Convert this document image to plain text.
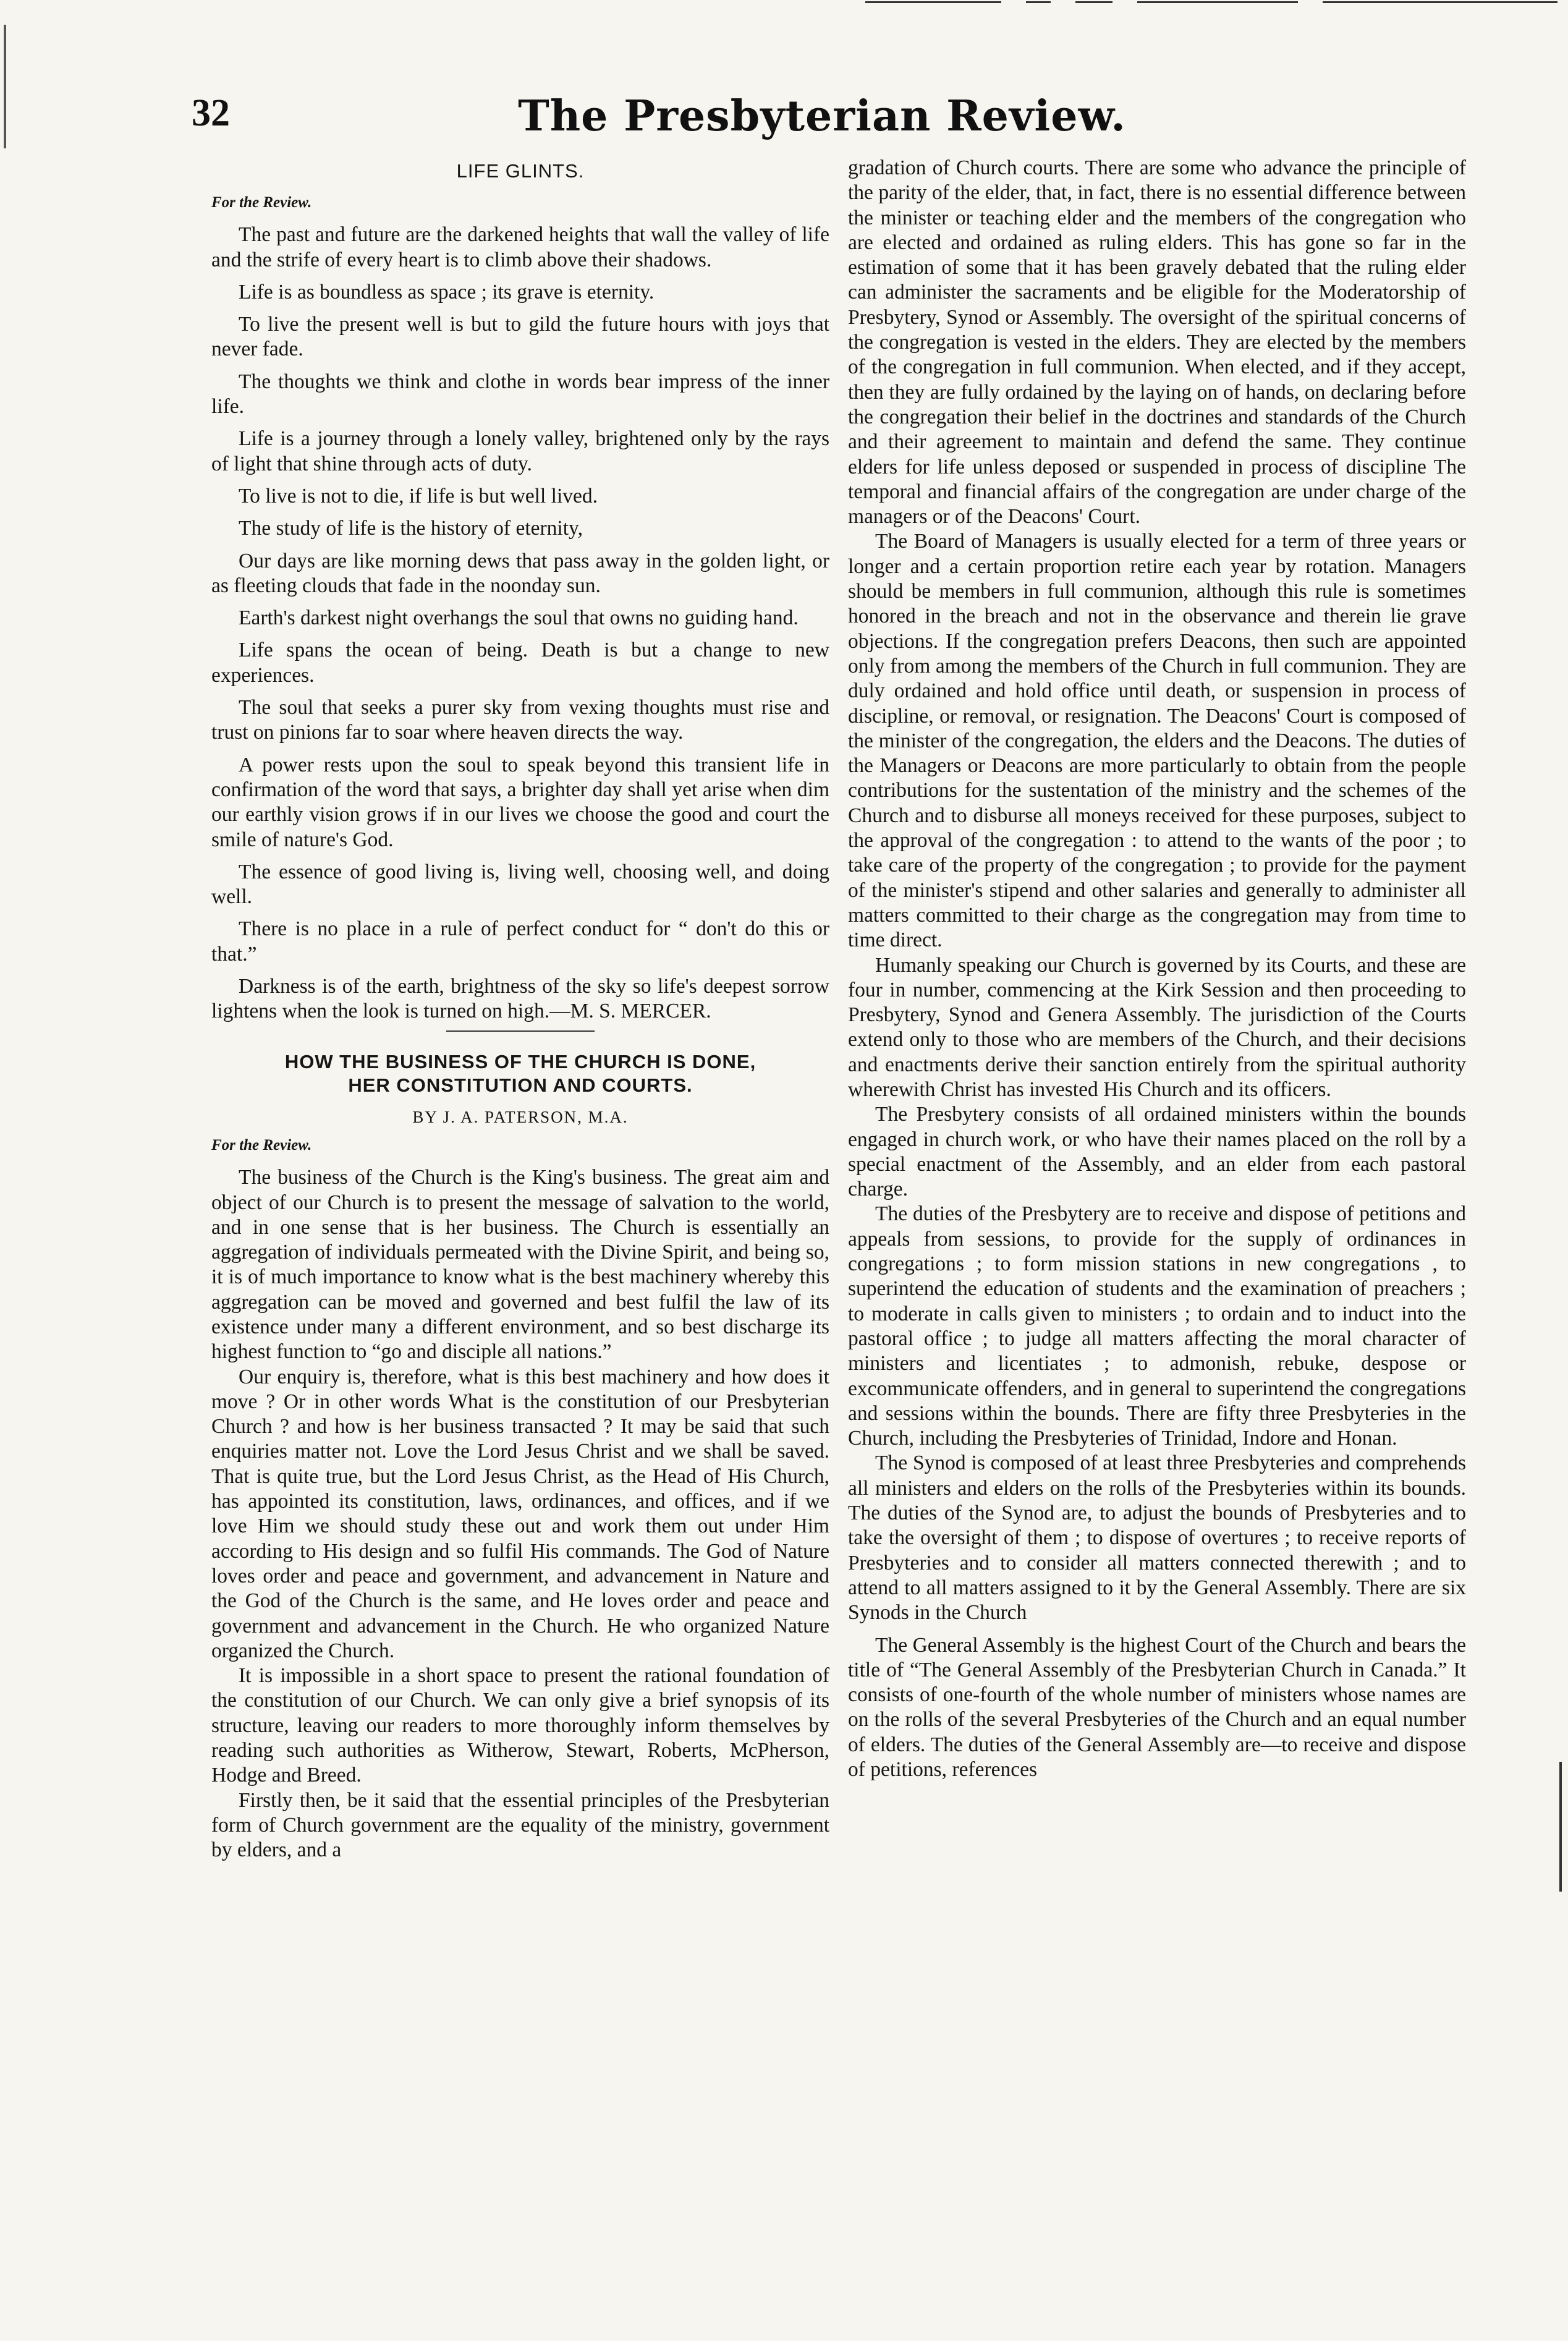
32	The Presbyterian Review.
LIFE GLINTS.
For the Review.

The past and future are the darkened heights that wall the valley of life and the strife of every heart is to climb above their shadows.

Life is as boundless as space ; its grave is eternity.

To live the present well is but to gild the future hours with joys that never fade.

The thoughts we think and clothe in words bear impress of the inner life.

Life is a journey through a lonely valley, brightened only by the rays of light that shine through acts of duty.

To live is not to die, if life is but well lived.

The study of life is the history of eternity,

Our days are like morning dews that pass away in the golden light, or as fleeting clouds that fade in the noonday sun.

Earth's darkest night overhangs the soul that owns no guiding hand.

Life spans the ocean of being. Death is but a change to new experiences.

The soul that seeks a purer sky from vexing thoughts must rise and trust on pinions far to soar where heaven directs the way.

A power rests upon the soul to speak beyond this transient life in confirmation of the word that says, a brighter day shall yet arise when dim our earthly vision grows if in our lives we choose the good and court the smile of nature's God.

The essence of good living is, living well, choosing well, and doing well.

There is no place in a rule of perfect conduct for “ don't do this or that.”

Darkness is of the earth, brightness of the sky so life's deepest sorrow lightens when the look is turned on high.—M. S. MERCER.

HOW THE BUSINESS OF THE CHURCH IS DONE,
HER CONSTITUTION AND COURTS.
BY J. A. PATERSON, M.A.
For the Review.

The business of the Church is the King's business. The great aim and object of our Church is to present the message of salvation to the world, and in one sense that is her business. The Church is essentially an aggregation of individuals permeated with the Divine Spirit, and being so, it is of much importance to know what is the best machinery whereby this aggregation can be moved and governed and best fulfil the law of its existence under many a different environment, and so best discharge its highest function to “go and disciple all nations.”

Our enquiry is, therefore, what is this best machinery and how does it move ? Or in other words What is the constitution of our Presbyterian Church ? and how is her business transacted ? It may be said that such enquiries matter not. Love the Lord Jesus Christ and we shall be saved. That is quite true, but the Lord Jesus Christ, as the Head of His Church, has appointed its constitution, laws, ordinances, and offices, and if we love Him we should study these out and work them out under Him according to His design and so fulfil His commands. The God of Nature loves order and peace and government, and advancement in Nature and the God of the Church is the same, and He loves order and peace and government and advancement in the Church. He who organized Nature organized the Church.

It is impossible in a short space to present the rational foundation of the constitution of our Church. We can only give a brief synopsis of its structure, leaving our readers to more thoroughly inform themselves by reading such authorities as Witherow, Stewart, Roberts, McPherson, Hodge and Breed.

Firstly then, be it said that the essential principles of the Presbyterian form of Church government are the equality of the ministry, government by elders, and a

gradation of Church courts. There are some who advance the principle of the parity of the elder, that, in fact, there is no essential difference between the minister or teaching elder and the members of the congregation who are elected and ordained as ruling elders. This has gone so far in the estimation of some that it has been gravely debated that the ruling elder can administer the sacraments and be eligible for the Moderatorship of Presbytery, Synod or Assembly. The oversight of the spiritual concerns of the congregation is vested in the elders. They are elected by the members of the congregation in full communion. When elected, and if they accept, then they are fully ordained by the laying on of hands, on declaring before the congregation their belief in the doctrines and standards of the Church and their agreement to maintain and defend the same. They continue elders for life unless deposed or suspended in process of discipline The temporal and financial affairs of the congregation are under charge of the managers or of the Deacons' Court.

The Board of Managers is usually elected for a term of three years or longer and a certain proportion retire each year by rotation. Managers should be members in full communion, although this rule is sometimes honored in the breach and not in the observance and therein lie grave objections. If the congregation prefers Deacons, then such are appointed only from among the members of the Church in full communion. They are duly ordained and hold office until death, or suspension in process of discipline, or removal, or resignation. The Deacons' Court is composed of the minister of the congregation, the elders and the Deacons. The duties of the Managers or Deacons are more particularly to obtain from the people contributions for the sustentation of the ministry and the schemes of the Church and to disburse all moneys received for these purposes, subject to the approval of the congregation : to attend to the wants of the poor ; to take care of the property of the congregation ; to provide for the payment of the minister's stipend and other salaries and generally to administer all matters committed to their charge as the congregation may from time to time direct.

Humanly speaking our Church is governed by its Courts, and these are four in number, commencing at the Kirk Session and then proceeding to Presbytery, Synod and Genera Assembly. The jurisdiction of the Courts extend only to those who are members of the Church, and their decisions and enactments derive their sanction entirely from the spiritual authority wherewith Christ has invested His Church and its officers.

The Presbytery consists of all ordained ministers within the bounds engaged in church work, or who have their names placed on the roll by a special enactment of the Assembly, and an elder from each pastoral charge.

The duties of the Presbytery are to receive and dispose of petitions and appeals from sessions, to provide for the supply of ordinances in congregations ; to form mission stations in new congregations , to superintend the education of students and the examination of preachers ; to moderate in calls given to ministers ; to ordain and to induct into the pastoral office ; to judge all matters affecting the moral character of ministers and licentiates ; to admonish, rebuke, despose or excommunicate offenders, and in general to superintend the congregations and sessions within the bounds. There are fifty three Presbyteries in the Church, including the Presbyteries of Trinidad, Indore and Honan.

The Synod is composed of at least three Presbyteries and comprehends all ministers and elders on the rolls of the Presbyteries within its bounds. The duties of the Synod are, to adjust the bounds of Presbyteries and to take the oversight of them ; to dispose of overtures ; to receive reports of Presbyteries and to consider all matters connected therewith ; and to attend to all matters assigned to it by the General Assembly. There are six Synods in the Church

The General Assembly is the highest Court of the Church and bears the title of “The General Assembly of the Presbyterian Church in Canada.” It consists of one-fourth of the whole number of ministers whose names are on the rolls of the several Presbyteries of the Church and an equal number of elders. The duties of the General Assembly are—to receive and dispose of petitions, references
